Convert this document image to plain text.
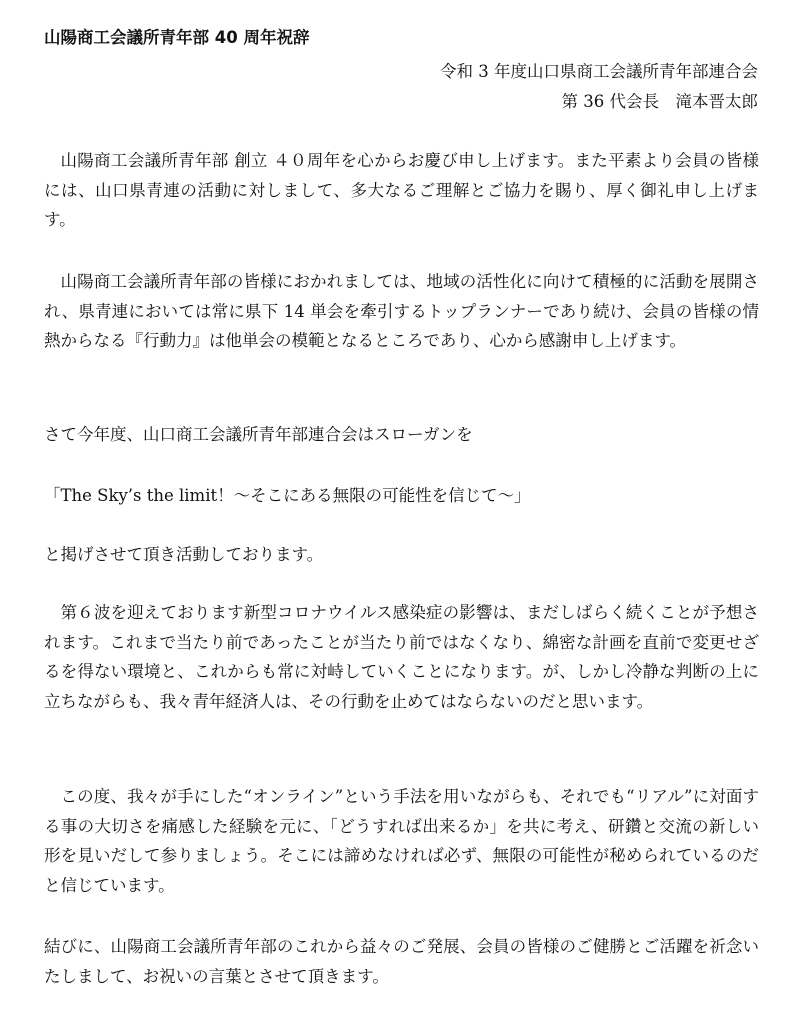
山陽商工会議所青年部 40 周年祝辞
令和 3 年度山口県商工会議所青年部連合会
第 36 代会長　滝本晋太郎

山陽商工会議所青年部 創立 ４０周年を心からお慶び申し上げます。また平素より会員の皆様には、山口県青連の活動に対しまして、多大なるご理解とご協力を賜り、厚く御礼申し上げます。

山陽商工会議所青年部の皆様におかれましては、地域の活性化に向けて積極的に活動を展開され、県青連においては常に県下 14 単会を牽引するトップランナーであり続け、会員の皆様の情熱からなる『行動力』は他単会の模範となるところであり、心から感謝申し上げます。

さて今年度、山口商工会議所青年部連合会はスローガンを

「The Sky’s the limit！～そこにある無限の可能性を信じて～」

と掲げさせて頂き活動しております。

第６波を迎えております新型コロナウイルス感染症の影響は、まだしばらく続くことが予想されます。これまで当たり前であったことが当たり前ではなくなり、綿密な計画を直前で変更せざるを得ない環境と、これからも常に対峙していくことになります。が、しかし冷静な判断の上に立ちながらも、我々青年経済人は、その行動を止めてはならないのだと思います。

この度、我々が手にした“オンライン”という手法を用いながらも、それでも“リアル”に対面する事の大切さを痛感した経験を元に、「どうすれば出来るか」を共に考え、研鑽と交流の新しい形を見いだして参りましょう。そこには諦めなければ必ず、無限の可能性が秘められているのだと信じています。

結びに、山陽商工会議所青年部のこれから益々のご発展、会員の皆様のご健勝とご活躍を祈念いたしまして、お祝いの言葉とさせて頂きます。
